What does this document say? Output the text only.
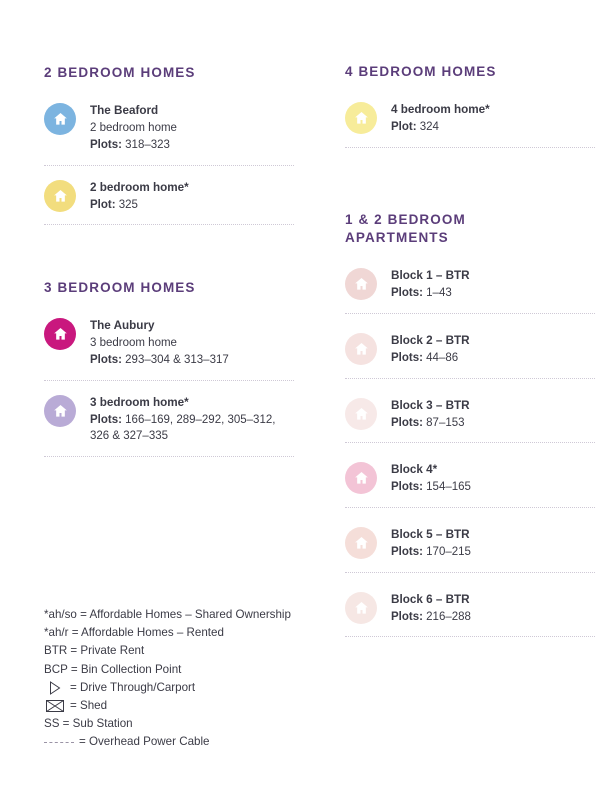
2 BEDROOM HOMES
The Beaford
2 bedroom home
Plots: 318–323
2 bedroom home*
Plot: 325
3 BEDROOM HOMES
The Aubury
3 bedroom home
Plots: 293–304 & 313–317
3 bedroom home*
Plots: 166–169, 289–292, 305–312, 326 & 327–335
4 BEDROOM HOMES
4 bedroom home*
Plot: 324
1 & 2 BEDROOM APARTMENTS
Block 1 – BTR
Plots: 1–43
Block 2 – BTR
Plots: 44–86
Block 3 – BTR
Plots: 87–153
Block 4*
Plots: 154–165
Block 5 – BTR
Plots: 170–215
Block 6 – BTR
Plots: 216–288
*ah/so = Affordable Homes – Shared Ownership
*ah/r = Affordable Homes – Rented
BTR = Private Rent
BCP = Bin Collection Point
= Drive Through/Carport
= Shed
SS = Sub Station
= Overhead Power Cable
